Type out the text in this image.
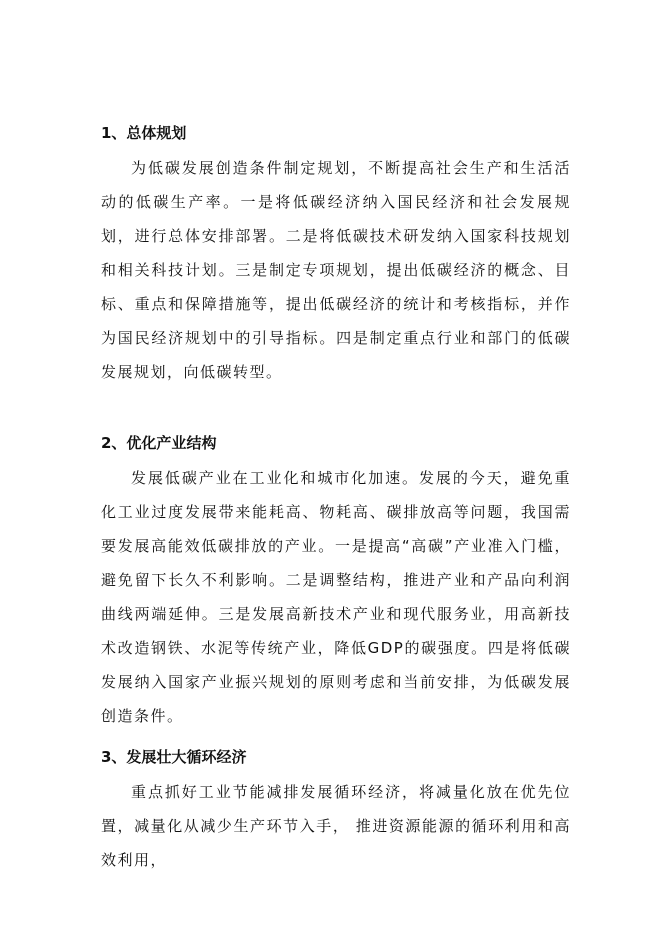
1、总体规划

为低碳发展创造条件制定规划，不断提高社会生产和生活活动的低碳生产率。一是将低碳经济纳入国民经济和社会发展规划，进行总体安排部署。二是将低碳技术研发纳入国家科技规划和相关科技计划。三是制定专项规划，提出低碳经济的概念、目标、重点和保障措施等，提出低碳经济的统计和考核指标，并作为国民经济规划中的引导指标。四是制定重点行业和部门的低碳发展规划，向低碳转型。

2、优化产业结构

发展低碳产业在工业化和城市化加速。发展的今天，避免重化工业过度发展带来能耗高、物耗高、碳排放高等问题，我国需要发展高能效低碳排放的产业。一是提高“高碳”产业准入门槛，避免留下长久不利影响。二是调整结构，推进产业和产品向利润曲线两端延伸。三是发展高新技术产业和现代服务业，用高新技术改造钢铁、水泥等传统产业，降低GDP的碳强度。四是将低碳发展纳入国家产业振兴规划的原则考虑和当前安排，为低碳发展创造条件。

3、发展壮大循环经济

重点抓好工业节能减排发展循环经济，将减量化放在优先位置，减量化从减少生产环节入手， 推进资源能源的循环利用和高效利用，
